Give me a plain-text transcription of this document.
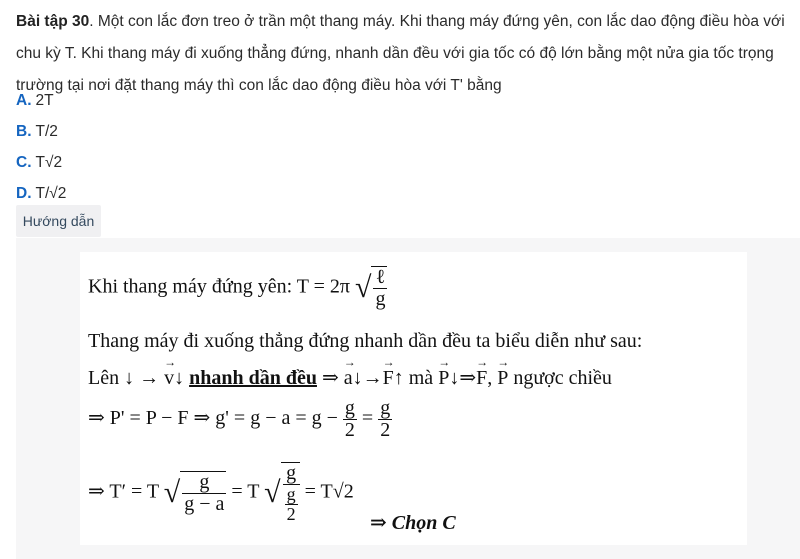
Bài tập 30. Một con lắc đơn treo ở trần một thang máy. Khi thang máy đứng yên, con lắc dao động điều hòa với chu kỳ T. Khi thang máy đi xuống thẳng đứng, nhanh dần đều với gia tốc có độ lớn bằng một nửa gia tốc trọng trường tại nơi đặt thang máy thì con lắc dao động điều hòa với T' bằng
A. 2T
B. T/2
C. T√2
D. T/√2
Hướng dẫn
Khi thang máy đứng yên: T = 2π √ $\frac{\text{ℓ}}{g}$
Thang máy đi xuống thẳng đứng nhanh dần đều ta biểu diễn như sau:
Lên ↓ → → v↓ nhanh dần đều ⇒ → a↓→→ F↑ mà → P↓⇒→ F, → P ngược chiều
⇒ P' = P − F ⇒ $g' = g - a = g - \frac{g}{2} = \frac{g}{2}$
⇒ T′ = T √ $\frac{g}{g - a} = T$ √ $\frac{g}{\frac{g}{2}} = T√2$
⇒ Chọn C
